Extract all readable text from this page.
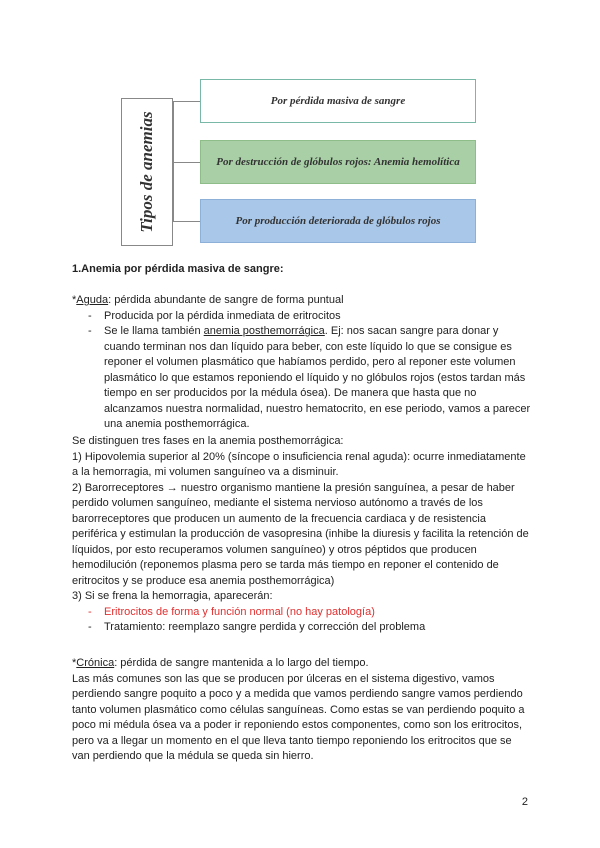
Tipos de anemias
Por pérdida masiva de sangre
Por destrucción de glóbulos rojos: Anemia hemolítica
Por producción deteriorada de glóbulos rojos
1.Anemia por pérdida masiva de sangre:

*Aguda: pérdida abundante de sangre de forma puntual

- Producida por la pérdida inmediata de eritrocitos
- Se le llama también anemia posthemorrágica. Ej: nos sacan sangre para donar y cuando terminan nos dan líquido para beber, con este líquido lo que se consigue es reponer el volumen plasmático que habíamos perdido, pero al reponer este volumen plasmático lo que estamos reponiendo el líquido y no glóbulos rojos (estos tardan más tiempo en ser producidos por la médula ósea). De manera que hasta que no alcanzamos nuestra normalidad, nuestro hematocrito, en ese periodo, vamos a parecer una anemia posthemorrágica.

Se distinguen tres fases en la anemia posthemorrágica:

1) Hipovolemia superior al 20% (síncope o insuficiencia renal aguda): ocurre inmediatamente a la hemorragia, mi volumen sanguíneo va a disminuir.

2) Barorreceptores → nuestro organismo mantiene la presión sanguínea, a pesar de haber perdido volumen sanguíneo, mediante el sistema nervioso autónomo a través de los barorreceptores que producen un aumento de la frecuencia cardiaca y de resistencia periférica y estimulan la producción de vasopresina (inhibe la diuresis y facilita la retención de líquidos, por esto recuperamos volumen sanguíneo) y otros péptidos que producen hemodilución (reponemos plasma pero se tarda más tiempo en reponer el contenido de eritrocitos y se produce esa anemia posthemorrágica)

3) Si se frena la hemorragia, aparecerán:

- Eritrocitos de forma y función normal (no hay patología)
- Tratamiento: reemplazo sangre perdida y corrección del problema

*Crónica: pérdida de sangre mantenida a lo largo del tiempo.

Las más comunes son las que se producen por úlceras en el sistema digestivo, vamos perdiendo sangre poquito a poco y a medida que vamos perdiendo sangre vamos perdiendo tanto volumen plasmático como células sanguíneas. Como estas se van perdiendo poquito a poco mi médula ósea va a poder ir reponiendo estos componentes, como son los eritrocitos, pero va a llegar un momento en el que lleva tanto tiempo reponiendo los eritrocitos que se van perdiendo que la médula se queda sin hierro.

2
